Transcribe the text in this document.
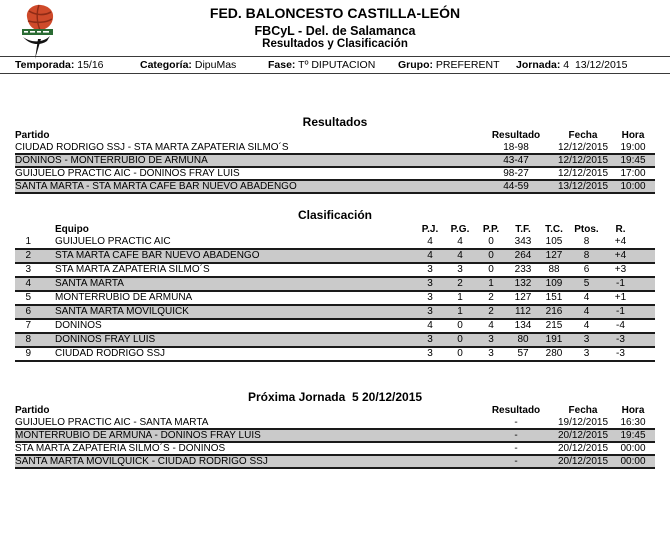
FED. BALONCESTO CASTILLA-LEÓN
FBCyL - Del. de Salamanca
Resultados y Clasificación
Temporada: 15/16	Categoría: DipuMas	Fase: Tº DIPUTACION Grupo: PREFERENT Jornada: 4  13/12/2015
Resultados
Partido	Resultado	Fecha	Hora
CIUDAD RODRIGO SSJ - STA MARTA ZAPATERIA SILMO´S	18-98	12/12/2015	19:00
DOÑINOS - MONTERRUBIO DE ARMUÑA	43-47	12/12/2015	19:45
GUIJUELO PRACTIC AIC - DOÑINOS FRAY LUIS	98-27	12/12/2015	17:00
SANTA MARTA - STA MARTA CAFE BAR NUEVO ABADENGO	44-59	13/12/2015	10:00
Clasificación
Equipo	P.J.	P.G.	P.P.	T.F.	T.C.	Ptos.	R.
1	GUIJUELO PRACTIC AIC	4	4	0	343	105	8	+4
2	STA MARTA CAFE BAR NUEVO ABADENGO	4	4	0	264	127	8	+4
3	STA MARTA ZAPATERIA SILMO´S	3	3	0	233	88	6	+3
4	SANTA MARTA	3	2	1	132	109	5	-1
5	MONTERRUBIO DE ARMUÑA	3	1	2	127	151	4	+1
6	SANTA MARTA MOVILQUICK	3	1	2	112	216	4	-1
7	DOÑINOS	4	0	4	134	215	4	-4
8	DOÑINOS FRAY LUIS	3	0	3	80	191	3	-3
9	CIUDAD RODRIGO SSJ	3	0	3	57	280	3	-3
Próxima Jornada  5 20/12/2015
Partido	Resultado	Fecha	Hora
GUIJUELO PRACTIC AIC - SANTA MARTA	-	19/12/2015	16:30
MONTERRUBIO DE ARMUÑA - DOÑINOS FRAY LUIS	-	20/12/2015	19:45
STA MARTA ZAPATERIA SILMO´S - DOÑINOS	-	20/12/2015	00:00
SANTA MARTA MOVILQUICK - CIUDAD RODRIGO SSJ	-	20/12/2015	00:00
